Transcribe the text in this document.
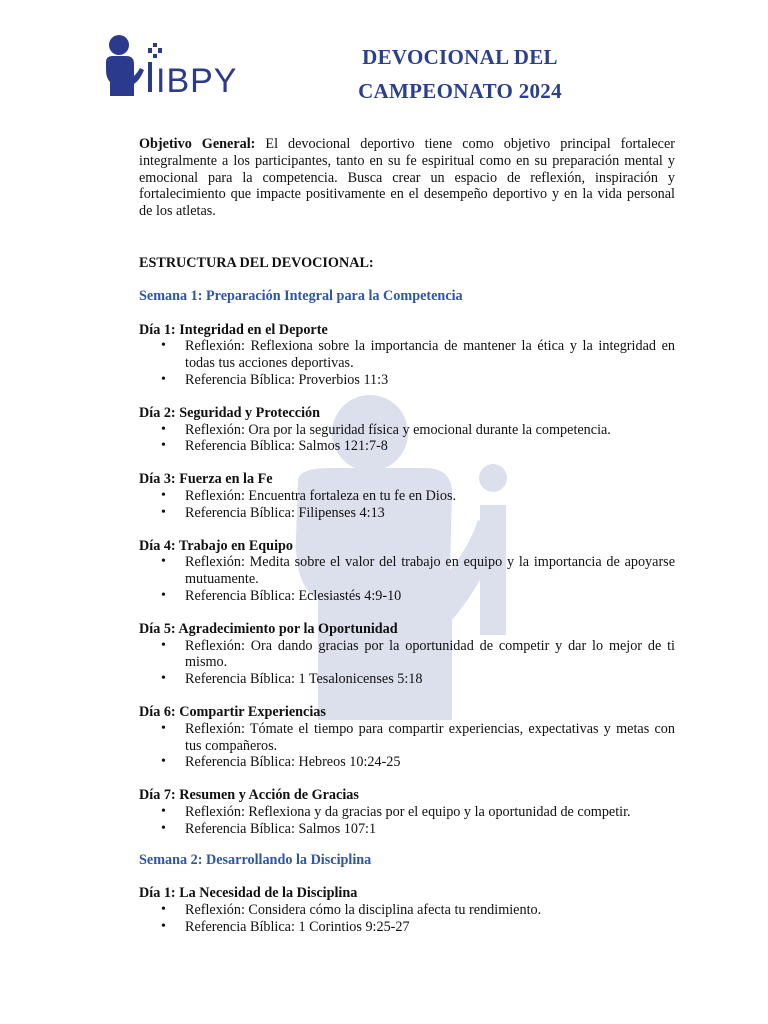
IBPY
DEVOCIONAL DEL
CAMPEONATO 2024

Objetivo General: El devocional deportivo tiene como objetivo principal fortalecer integralmente a los participantes, tanto en su fe espiritual como en su preparación mental y emocional para la competencia. Busca crear un espacio de reflexión, inspiración y fortalecimiento que impacte positivamente en el desempeño deportivo y en la vida personal de los atletas.

ESTRUCTURA DEL DEVOCIONAL:

Semana 1: Preparación Integral para la Competencia

Día 1: Integridad en el Deporte

• Reflexión: Reflexiona sobre la importancia de mantener la ética y la integridad en todas tus acciones deportivas.
• Referencia Bíblica: Proverbios 11:3

Día 2: Seguridad y Protección

• Reflexión: Ora por la seguridad física y emocional durante la competencia.
• Referencia Bíblica: Salmos 121:7-8

Día 3: Fuerza en la Fe

• Reflexión: Encuentra fortaleza en tu fe en Dios.
• Referencia Bíblica: Filipenses 4:13

Día 4: Trabajo en Equipo

• Reflexión: Medita sobre el valor del trabajo en equipo y la importancia de apoyarse mutuamente.
• Referencia Bíblica: Eclesiastés 4:9-10

Día 5: Agradecimiento por la Oportunidad

• Reflexión: Ora dando gracias por la oportunidad de competir y dar lo mejor de ti mismo.
• Referencia Bíblica: 1 Tesalonicenses 5:18

Día 6: Compartir Experiencias

• Reflexión: Tómate el tiempo para compartir experiencias, expectativas y metas con tus compañeros.
• Referencia Bíblica: Hebreos 10:24-25

Día 7: Resumen y Acción de Gracias

• Reflexión: Reflexiona y da gracias por el equipo y la oportunidad de competir.
• Referencia Bíblica: Salmos 107:1

Semana 2: Desarrollando la Disciplina

Día 1: La Necesidad de la Disciplina

• Reflexión: Considera cómo la disciplina afecta tu rendimiento.
• Referencia Bíblica: 1 Corintios 9:25-27
